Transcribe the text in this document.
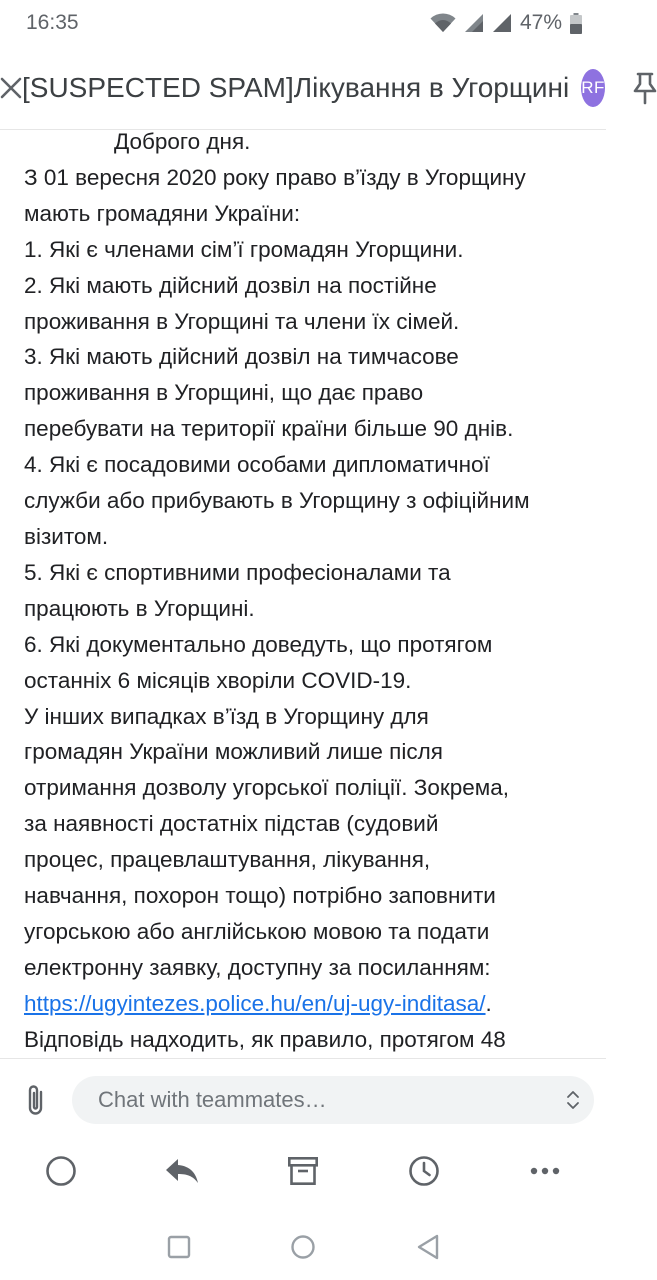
16:35	47%
[SUSPECTED SPAM]Лікування в Угорщині RF
Доброго дня.
З 01 вересня 2020 року право в’їзду в Угорщину
мають громадяни України:
1. Які є членами сім’ї громадян Угорщини.
2. Які мають дійсний дозвіл на постійне
проживання в Угорщині та члени їх сімей.
3. Які мають дійсний дозвіл на тимчасове
проживання в Угорщині, що дає право
перебувати на території країни більше 90 днів.
4. Які є посадовими особами дипломатичної
служби або прибувають в Угорщину з офіційним
візитом.
5. Які є спортивними професіоналами та
працюють в Угорщині.
6. Які документально доведуть, що протягом
останніх 6 місяців хворіли COVID-19.
У інших випадках в’їзд в Угорщину для
громадян України можливий лише після
отримання дозволу угорської поліції. Зокрема,
за наявності достатніх підстав (судовий
процес, працевлаштування, лікування,
навчання, похорон тощо) потрібно заповнити
угорською або англійською мовою та подати
електронну заявку, доступну за посиланням:
https://ugyintezes.police.hu/en/uj-ugy-inditasa/.
Відповідь надходить, як правило, протягом 48
Chat with teammates…
